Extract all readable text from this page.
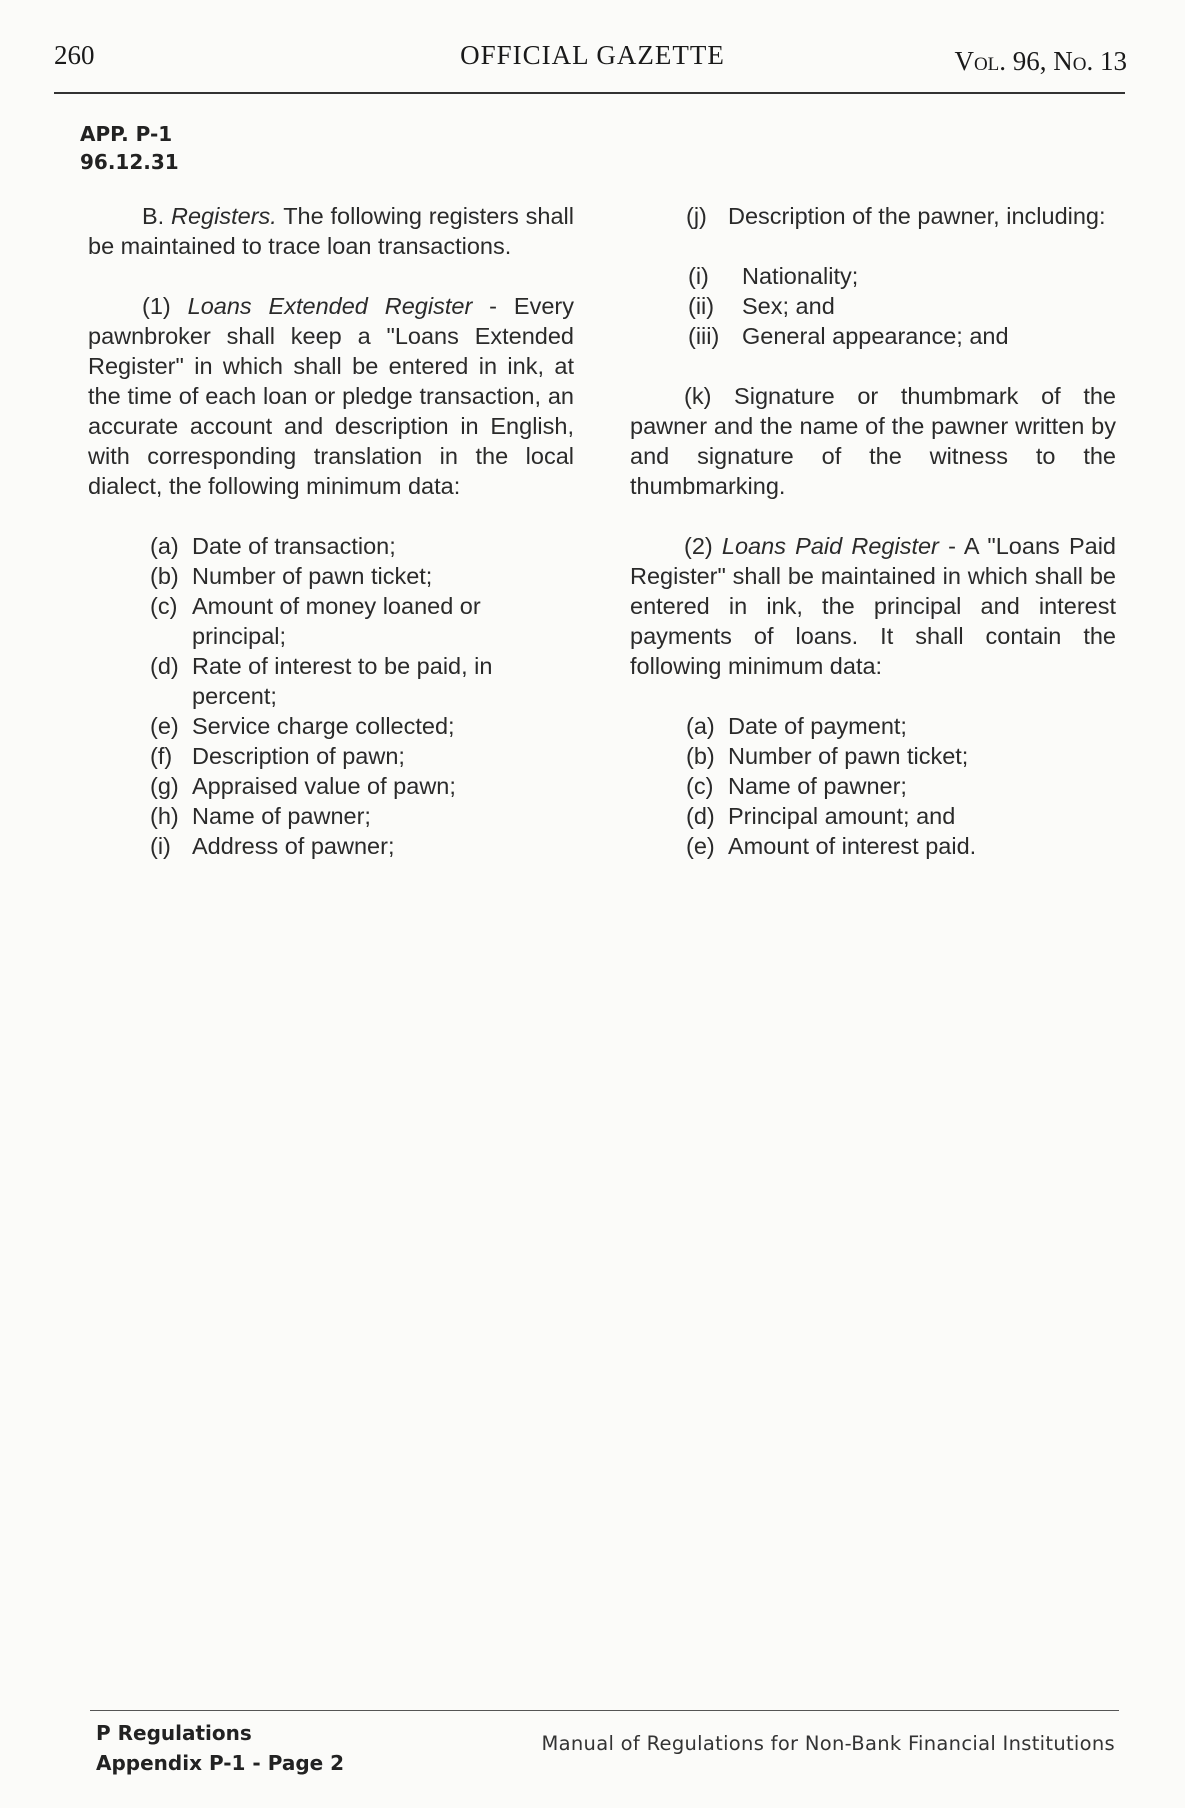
260	OFFICIAL GAZETTE	Vol. 96, No. 13
APP. P-1
96.12.31

B. Registers. The following registers shall be maintained to trace loan transactions.

(1) Loans Extended Register - Every pawnbroker shall keep a "Loans Extended Register" in which shall be entered in ink, at the time of each loan or pledge transaction, an accurate account and description in English, with corresponding translation in the local dialect, the following minimum data:

(a) Date of transaction;
(b) Number of pawn ticket;
(c) Amount of money loaned or principal;
(d) Rate of interest to be paid, in percent;
(e) Service charge collected;
(f) Description of pawn;
(g) Appraised value of pawn;
(h) Name of pawner;
(i) Address of pawner;
(j) Description of the pawner, including:
(i) Nationality;
(ii) Sex; and
(iii) General appearance; and

(k) Signature or thumbmark of the pawner and the name of the pawner written by and signature of the witness to the thumbmarking.

(2) Loans Paid Register - A "Loans Paid Register" shall be maintained in which shall be entered in ink, the principal and interest payments of loans. It shall contain the following minimum data:

(a) Date of payment;
(b) Number of pawn ticket;
(c) Name of pawner;
(d) Principal amount; and
(e) Amount of interest paid.
P Regulations
Appendix P-1 - Page 2
Manual of Regulations for Non-Bank Financial Institutions
